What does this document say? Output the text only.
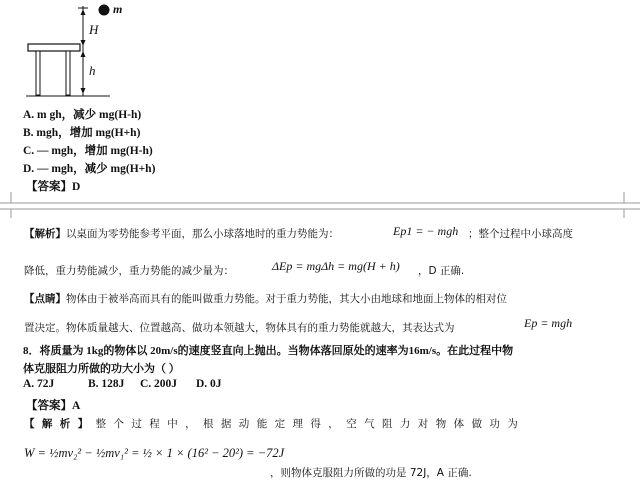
m
H
h
A. m gh，减少 mg(H-h)
B. mgh，增加 mg(H+h)
C. — mgh，增加 mg(H-h)
D. — mgh，减少 mg(H+h)
【答案】D
【解析】以桌面为零势能参考平面，那么小球落地时的重力势能为：	Ep1 = − mgh ；整个过程中小球高度
降低，重力势能减少，重力势能的减少量为：	ΔEp = mgΔh = mg(H + h) ，D 正确.
【点睛】物体由于被举高而具有的能叫做重力势能。对于重力势能，其大小由地球和地面上物体的相对位
置决定。物体质量越大、位置越高、做功本领越大，物体具有的重力势能就越大，其表达式为	Ep = mgh
8．将质量为 1kg的物体以 20m/s的速度竖直向上抛出。当物体落回原处的速率为16m/s。在此过程中物
体克服阻力所做的功大小为（ ）
A. 72J	B. 128J C. 200J D. 0J
【答案】A
【解析】整个过程中，根据动能定理得，空气阻力对物体做功为
W = ½mv₂² − ½mv₁² = ½ × 1 × (16² − 20²) = −72J
，则物体克服阻力所做的功是 72J，A 正确.
